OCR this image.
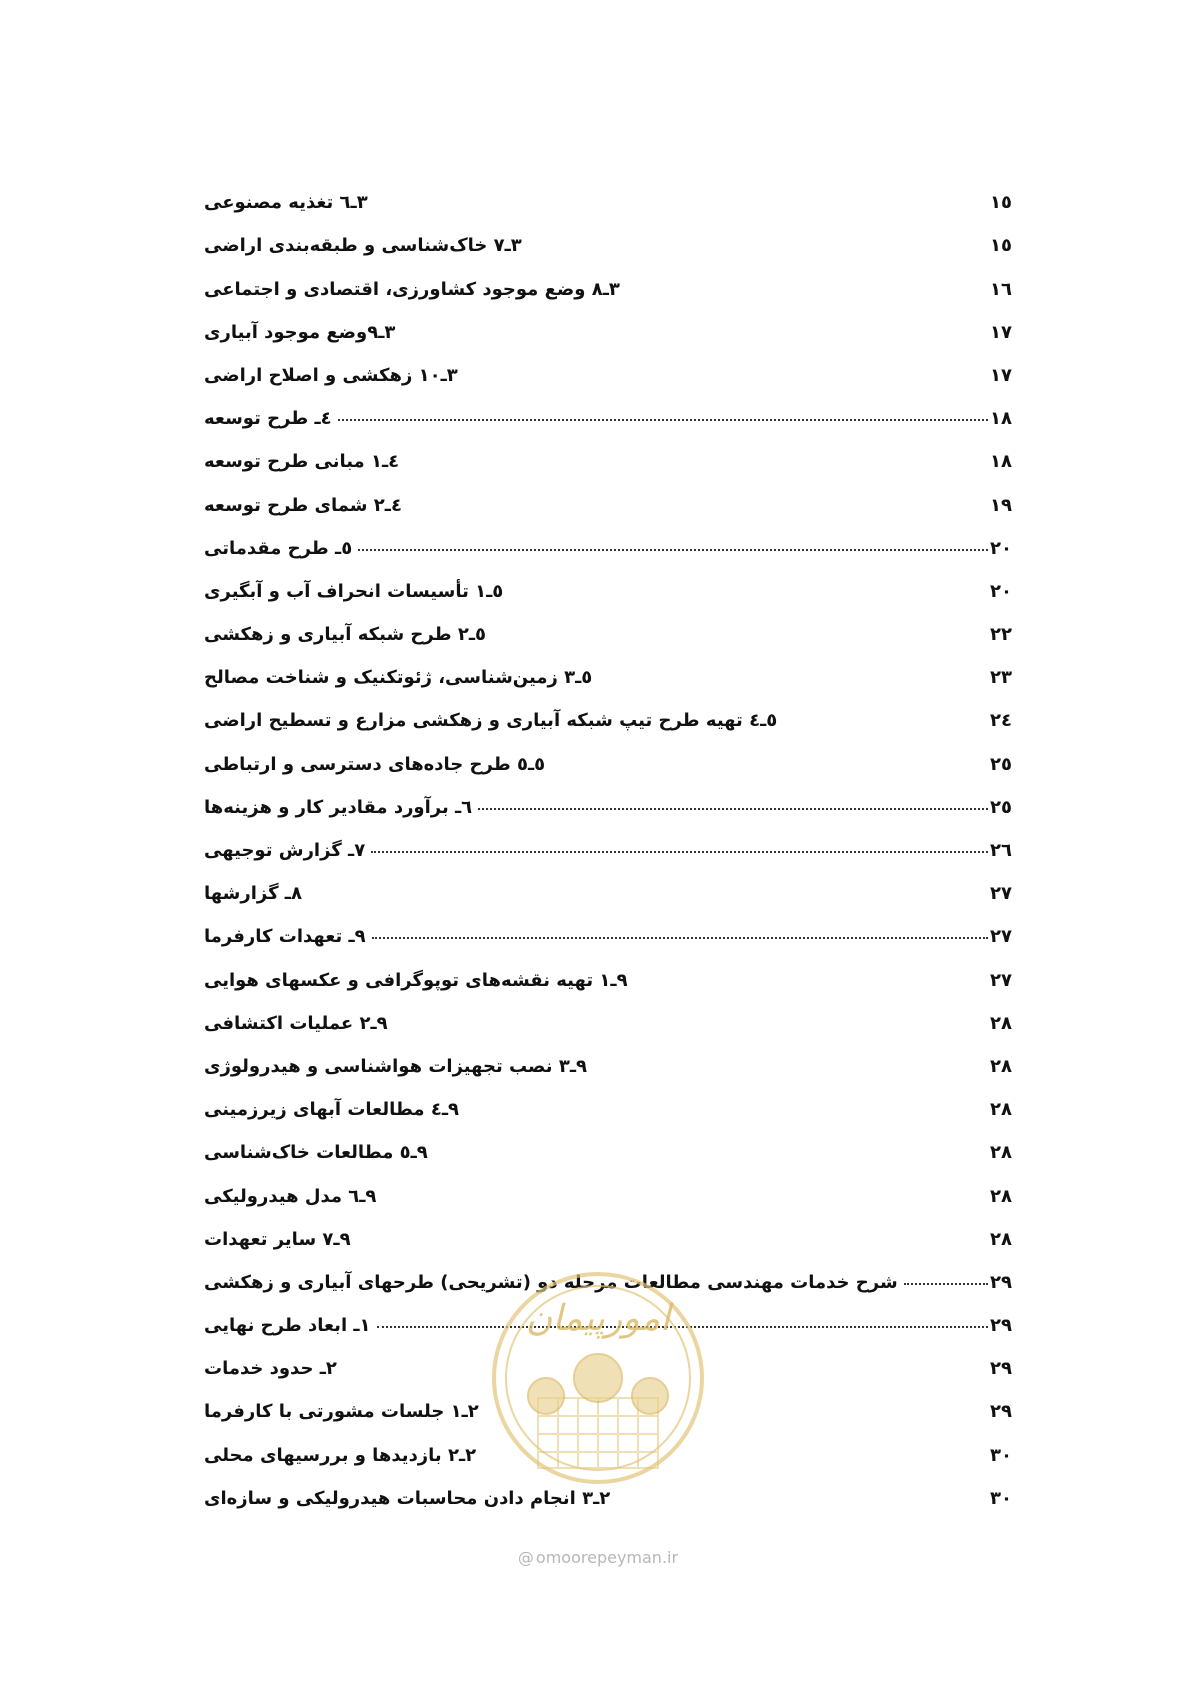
٣ـ٦ تغذیه مصنوعی	١٥
٣ـ٧ خاک‌شناسی و طبقه‌بندی اراضی	١٥
٣ـ٨ وضع موجود کشاورزی، اقتصادی و اجتماعی	١٦
٣ـ٩وضع موجود آبیاری	١٧
٣ـ١٠ زهکشی و اصلاح اراضی	١٧
٤ـ طرح توسعه	١٨
٤ـ١ مبانی طرح توسعه	١٨
٤ـ٢ شمای طرح توسعه	١٩
٥ـ طرح مقدماتی	٢٠
٥ـ١ تأسیسات انحراف آب و آبگیری	٢٠
٥ـ٢ طرح شبکه آبیاری و زهکشی	٢٢
٥ـ٣ زمین‌شناسی، ژئوتکنیک و شناخت مصالح	٢٣
٥ـ٤ تهیه طرح تیپ شبکه آبیاری و زهکشی مزارع و تسطیح اراضی	٢٤
٥ـ٥ طرح جاده‌های دسترسی و ارتباطی	٢٥
٦ـ برآورد مقادیر کار و هزینه‌ها	٢٥
٧ـ گزارش توجیهی	٢٦
٨ـ گزارشها	٢٧
٩ـ تعهدات کارفرما	٢٧
٩ـ١ تهیه نقشه‌های توپوگرافی و عکسهای هوایی	٢٧
٩ـ٢ عملیات اکتشافی	٢٨
٩ـ٣ نصب تجهیزات هواشناسی و هیدرولوژی	٢٨
٩ـ٤ مطالعات آبهای زیرزمینی	٢٨
٩ـ٥ مطالعات خاک‌شناسی	٢٨
٩ـ٦ مدل هیدرولیکی	٢٨
٩ـ٧ سایر تعهدات	٢٨
شرح خدمات مهندسی مطالعات مرحله دو (تشریحی) طرحهای آبیاری و زهکشی	٢٩
١ـ ابعاد طرح نهایی	٢٩
٢ـ حدود خدمات	٢٩
٢ـ١ جلسات مشورتی با کارفرما	٢٩
٢ـ٢ بازدیدها و بررسیهای محلی	٣٠
٢ـ٣ انجام دادن محاسبات هیدرولیکی و سازه‌ای	٣٠
امورپیمان
@ omoorepeyman.ir
